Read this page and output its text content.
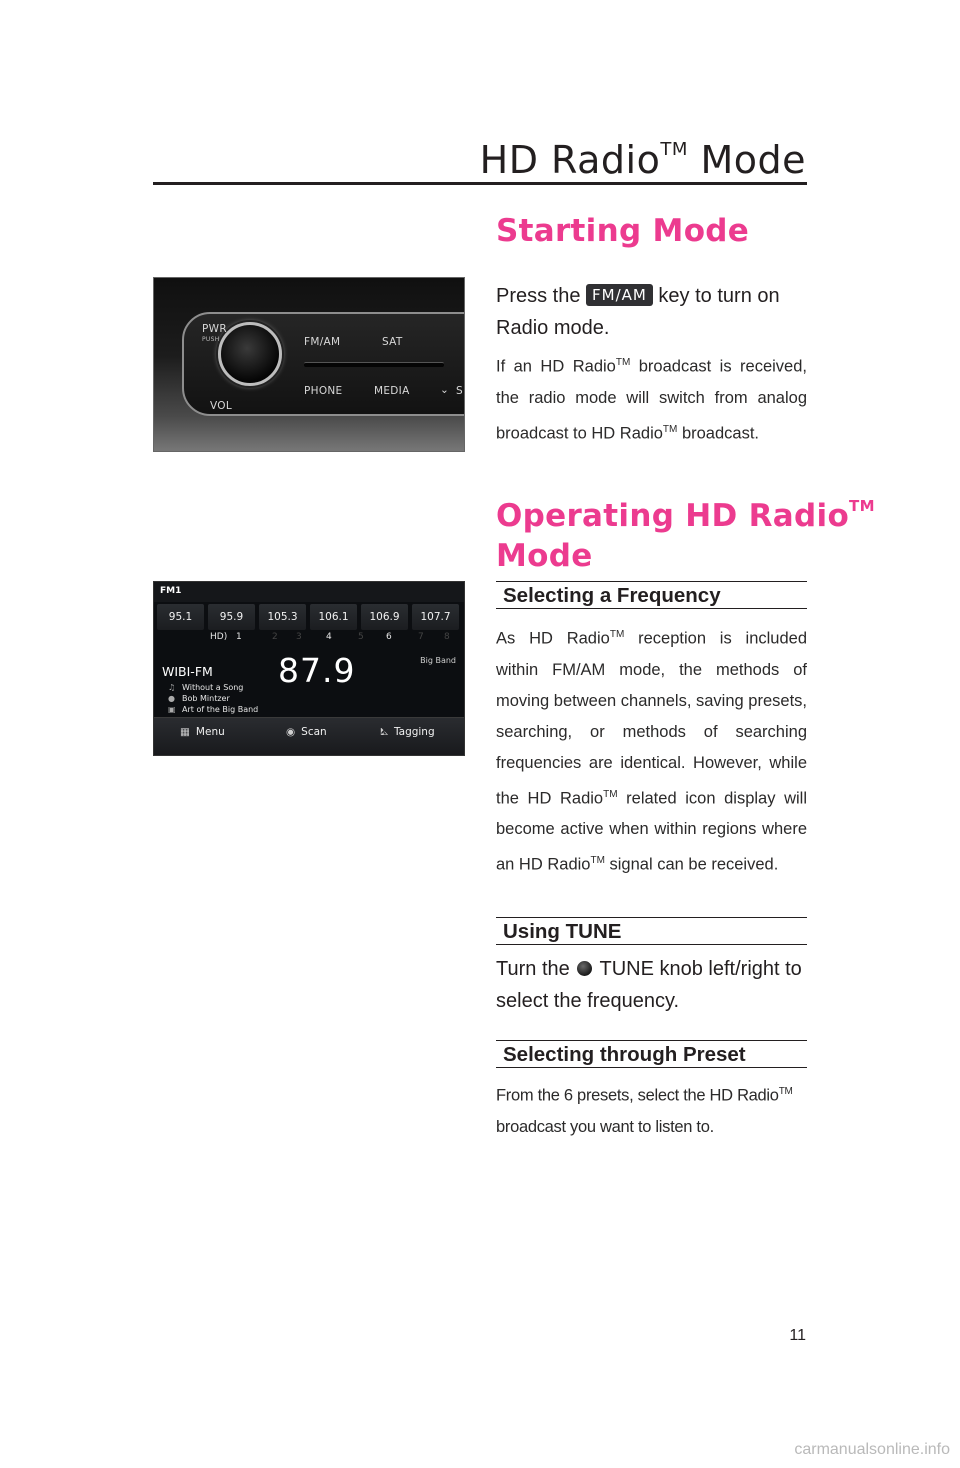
HD Radio™ Mode
PWR
PUSH
VOL
FM/AM	SAT
PHONE	MEDIA	⌄ S
FM1
95.1	95.9	105.3	106.1	106.9	107.7
HD) 1	2 3	4	5 6	7 8
WIBI-FM 87.9	Big Band
♫ Without a Song
● Bob Mintzer
▣ Art of the Big Band
▦ Menu	◉ Scan	⛡ Tagging
Starting Mode

Press the FM/AM key to turn on Radio mode.

If an HD Radio™ broadcast is received, the radio mode will switch from analog broadcast to HD Radio™ broadcast.

Operating HD Radio™
Mode
Selecting a Frequency

As HD Radio™ reception is included within FM/AM mode, the methods of moving between channels, saving presets, searching, or methods of searching frequencies are identical. However, while the HD Radio™ related icon display will become active when within regions where an HD Radio™ signal can be received.

Using TUNE

Turn the  TUNE knob left/right to select the frequency.

Selecting through Preset

From the 6 presets, select the HD Radio™ broadcast you want to listen to.

11

carmanualsonline.info
